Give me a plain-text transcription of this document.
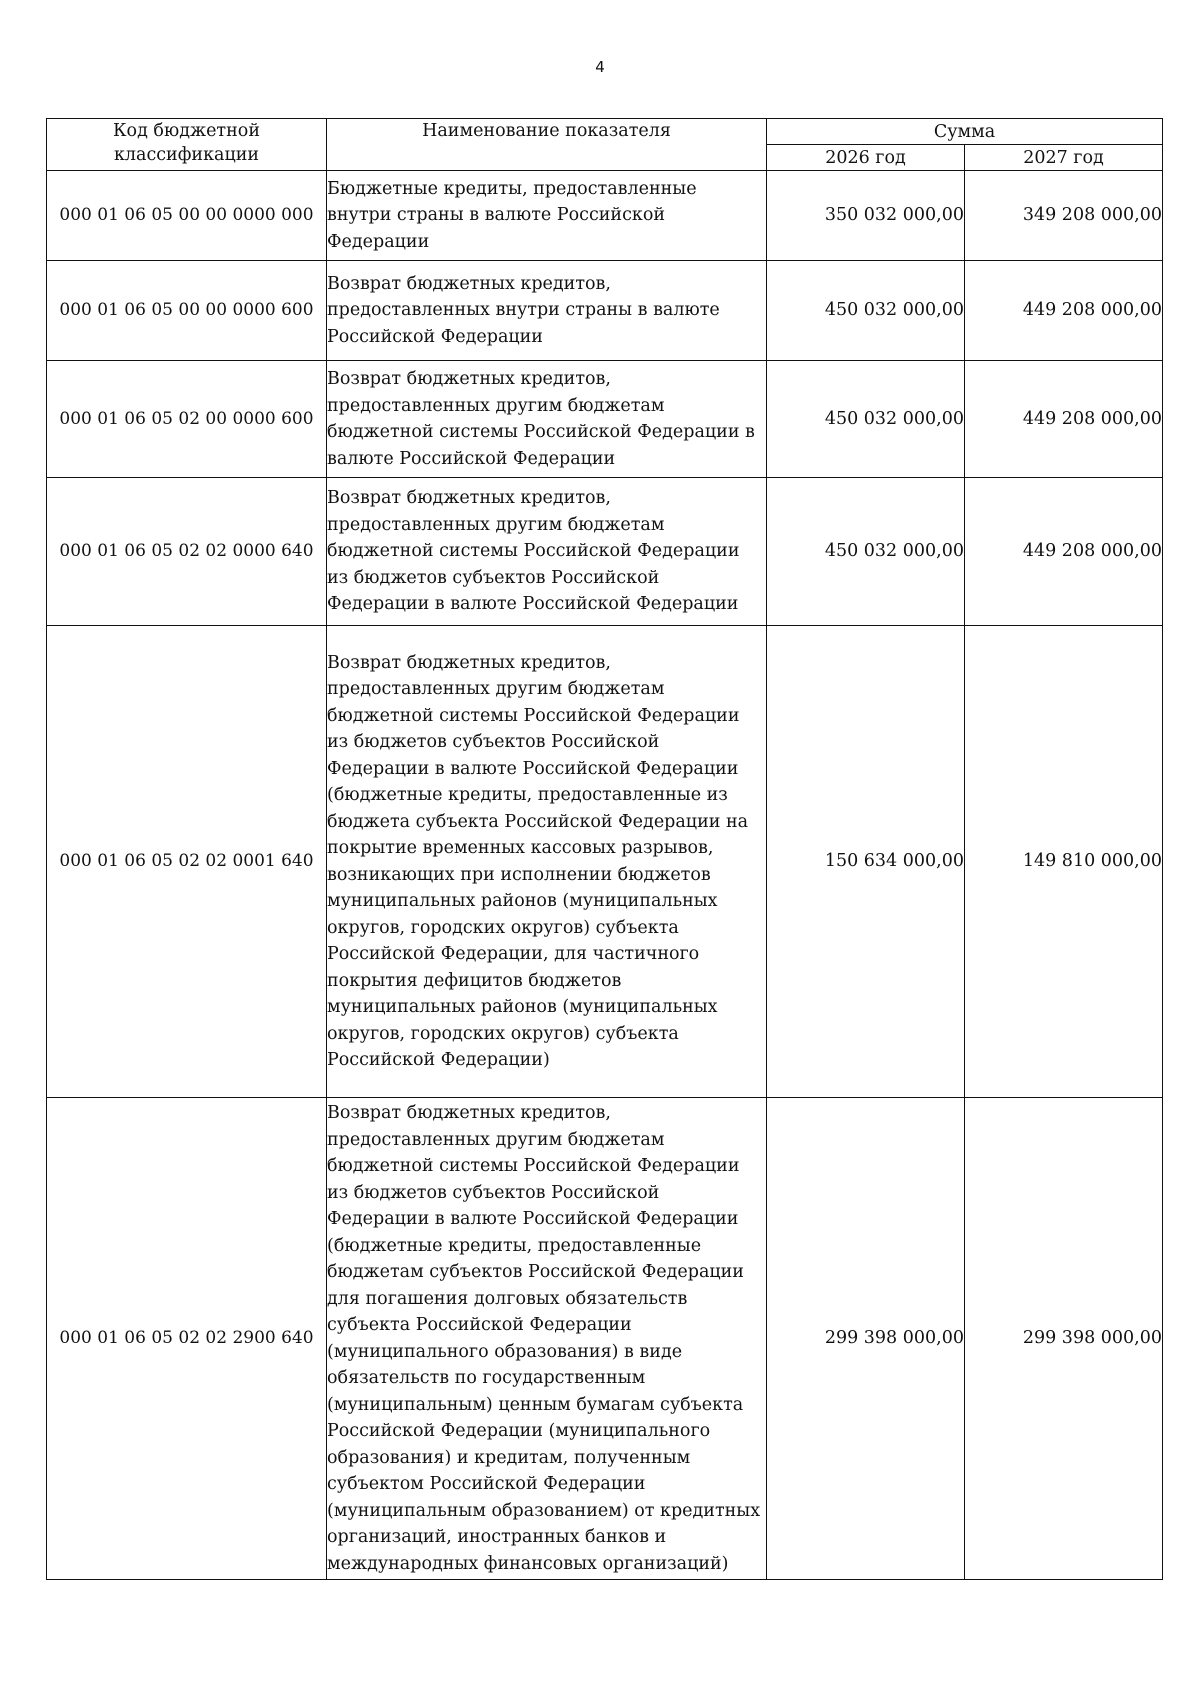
4
Код бюджетной классификации	Наименование показателя	Сумма	
		2026 год	2027 год
000 01 06 05 00 00 0000 000	Бюджетные кредиты, предоставленные внутри страны в валюте Российской Федерации	350 032 000,00	349 208 000,00
000 01 06 05 00 00 0000 600	Возврат бюджетных кредитов, предоставленных внутри страны в валюте Российской Федерации	450 032 000,00	449 208 000,00
000 01 06 05 02 00 0000 600	Возврат бюджетных кредитов, предоставленных другим бюджетам бюджетной системы Российской Федерации в валюте Российской Федерации	450 032 000,00	449 208 000,00
000 01 06 05 02 02 0000 640	Возврат бюджетных кредитов, предоставленных другим бюджетам бюджетной системы Российской Федерации из бюджетов субъектов Российской Федерации в валюте Российской Федерации	450 032 000,00	449 208 000,00
000 01 06 05 02 02 0001 640	Возврат бюджетных кредитов, предоставленных другим бюджетам бюджетной системы Российской Федерации из бюджетов субъектов Российской Федерации в валюте Российской Федерации (бюджетные кредиты, предоставленные из бюджета субъекта Российской Федерации на покрытие временных кассовых разрывов, возникающих при исполнении бюджетов муниципальных районов (муниципальных округов, городских округов) субъекта Российской Федерации, для частичного покрытия дефицитов бюджетов муниципальных районов (муниципальных округов, городских округов) субъекта Российской Федерации)	150 634 000,00	149 810 000,00
000 01 06 05 02 02 2900 640	Возврат бюджетных кредитов, предоставленных другим бюджетам бюджетной системы Российской Федерации из бюджетов субъектов Российской Федерации в валюте Российской Федерации (бюджетные кредиты, предоставленные бюджетам субъектов Российской Федерации для погашения долговых обязательств субъекта Российской Федерации (муниципального образования) в виде обязательств по государственным (муниципальным) ценным бумагам субъекта Российской Федерации (муниципального образования) и кредитам, полученным субъектом Российской Федерации (муниципальным образованием) от кредитных организаций, иностранных банков и международных финансовых организаций)	299 398 000,00	299 398 000,00
